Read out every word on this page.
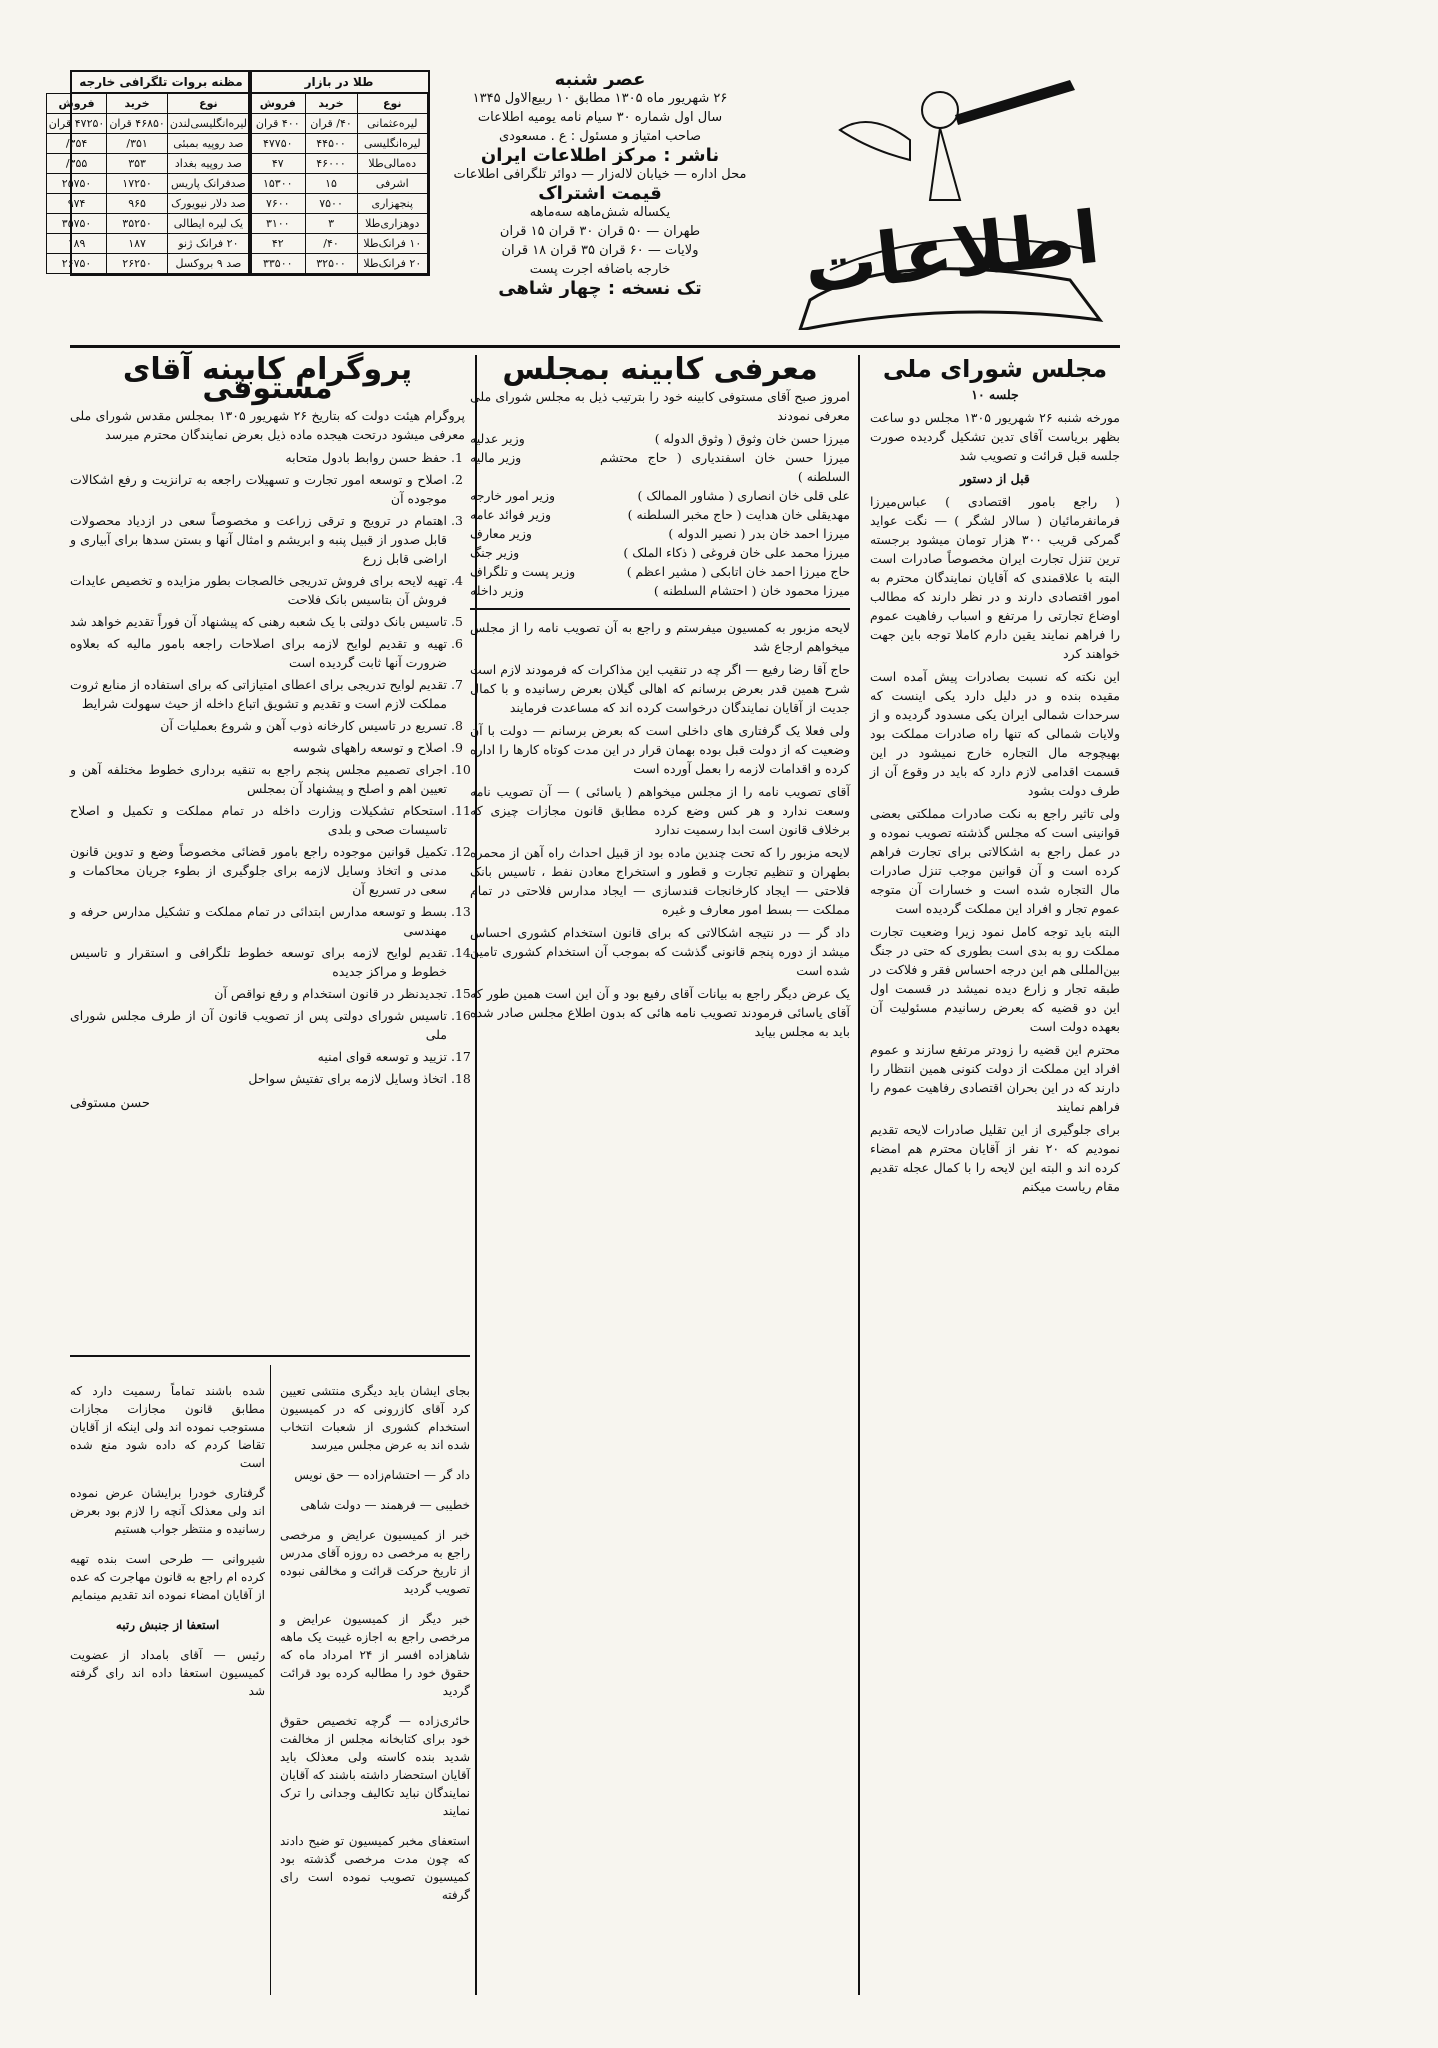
اطلاعات
عصر شنبه
۲۶ شهریور ماه ۱۳۰۵ مطابق ۱۰ ربیع‌الاول ۱۳۴۵
سال اول شماره ۳۰ سیام نامه یومیه اطلاعات
صاحب امتیاز و مسئول : ع . مسعودی
ناشر : مرکز اطلاعات ایران
محل اداره — خیابان لاله‌زار — دوائر تلگرافی اطلاعات
قیمت اشتراک
یکساله شش‌ماهه سه‌ماهه
طهران — ۵۰ قران ۳۰ قران ۱۵ قران
ولایات — ۶۰ قران ۳۵ قران ۱۸ قران
خارجه باضافه اجرت پست
تک نسخه : چهار شاهی
طلا در بازار
نوع	خرید	فروش
لیره‌عثمانی	۴۰/ قران	۴۰۰ قران
لیره‌انگلیسی	۴۴۵۰۰	۴۷۷۵۰
ده‌مالی‌طلا	۴۶۰۰۰	۴۷
اشرفی	۱۵	۱۵۳۰۰
پنجهزاری	۷۵۰۰	۷۶۰۰
دوهزاری‌طلا	۳	۳۱۰۰
۱۰ فرانک‌طلا	۴۰/	۴۲
۲۰ فرانک‌طلا	۳۲۵۰۰	۳۳۵۰۰
مظنه بروات تلگرافی خارجه
نوع	خرید	فروش
لیره‌انگلیسی‌لندن	۴۶۸۵۰ قران	۴۷۲۵۰ قران
صد روپیه بمبئی	۳۵۱/	۳۵۴/
صد روپیه بغداد	۳۵۳	۳۵۵/
صدفرانک‌ پاریس	۱۷۲۵۰	۲۵۷۵۰
صد دلار نیویورک	۹۶۵	۹۷۴
یک لیره ایطالی	۳۵۲۵۰	۳۵۷۵۰
۲۰ فرانک ژنو	۱۸۷	۱۸۹
صد ۹ بروکسل	۲۶۲۵۰	۲۶۷۵۰
مجلس شورای ملی

جلسه ۱۰

مورخه شنبه ۲۶ شهریور ۱۳۰۵ مجلس دو ساعت بظهر بریاست آقای تدین تشکیل گردیده صورت جلسه قبل قرائت و تصویب شد

قبل از دستور

( راجع بامور اقتصادی ) عباس‌میرزا فرمانفرمائیان ( سالار لشگر ) — نگت عواید گمرکی قریب ۳۰۰ هزار تومان میشود برجسته ترین تنزل تجارت ایران مخصوصاً صادرات است البته با علاقمندی که آقایان نمایندگان محترم به امور اقتصادی دارند و در نظر دارند که مطالب اوضاع تجارتی را مرتفع و اسباب رفاهیت عموم را فراهم نمایند یقین دارم کاملا توجه باین جهت خواهند کرد

این نکته که نسبت بصادرات پیش آمده است مقیده بنده و در دلیل دارد یکی اینست که سرحدات شمالی ایران یکی مسدود گردیده و از ولایات شمالی که تنها راه صادرات مملکت بود بهیچوجه مال التجاره خارج نمیشود در این قسمت اقدامی لازم دارد که باید در وقوع آن از طرف دولت بشود

ولی تاثیر راجع به نکت صادرات مملکتی بعضی قوانینی است که مجلس گذشته تصویب نموده و در عمل راجع به اشکالاتی برای تجارت فراهم کرده است و آن قوانین موجب تنزل صادرات مال التجاره شده است و خسارات آن متوجه عموم تجار و افراد این مملکت گردیده است

البته باید توجه کامل نمود زیرا وضعیت تجارت مملکت رو به بدی است بطوری که حتی در جنگ بین‌المللی هم این درجه احساس فقر و فلاکت در طبقه تجار و زارع دیده نمیشد در قسمت اول این دو قضیه که بعرض رسانیدم مسئولیت آن بعهده دولت است

محترم این قضیه را زودتر مرتفع سازند و عموم افراد این مملکت از دولت کنونی همین انتظار را دارند که در این بحران اقتصادی رفاهیت عموم را فراهم نمایند

برای جلوگیری از این تقلیل صادرات لایحه تقدیم نمودیم که ۲۰ نفر از آقایان محترم هم امضاء کرده اند و البته این لایحه را با کمال عجله تقدیم مقام ریاست میکنم

معرفی کابینه بمجلس

امروز صبح آقای مستوفی کابینه خود را بترتیب ذیل به مجلس شورای ملی معرفی نمودند

میرزا حسن خان وثوق ( وثوق الدوله )
وزیر عدلیه
میرزا حسن خان اسفندیاری ( حاج محتشم السلطنه )
وزیر مالیه
علی قلی خان انصاری ( مشاور الممالک )
وزیر امور خارجه
مهدیقلی خان هدایت ( حاج مخبر السلطنه )
وزیر فوائد عامه
میرزا احمد خان بدر ( نصیر الدوله )
وزیر معارف
میرزا محمد علی خان فروغی ( ذکاء الملک )
وزیر جنگ
حاج میرزا احمد خان اتابکی ( مشیر اعظم )
وزیر پست و تلگراف
میرزا محمود خان ( احتشام السلطنه )
وزیر داخله

لایحه مزبور به کمسیون میفرستم و راجع به آن تصویب نامه را از مجلس میخواهم ارجاع شد

حاج آقا رضا رفیع — اگر چه در تنقیب این مذاکرات که فرمودند لازم است شرح همین قدر بعرض برسانم که اهالی گیلان بعرض رسانیده و با کمال جدیت از آقایان نمایندگان درخواست کرده اند که مساعدت فرمایند

ولی فعلا یک گرفتاری های داخلی است که بعرض برسانم — دولت با آن وضعیت که از دولت قبل بوده بهمان قرار در این مدت کوتاه کارها را اداره کرده و اقدامات لازمه را بعمل آورده است

آقای تصویب نامه را از مجلس میخواهم ( یاسائی ) — آن تصویب نامه وسعت ندارد و هر کس وضع کرده مطابق قانون مجازات چیزی که برخلاف قانون است ابدا رسمیت ندارد

لایحه مزبور را که تحت چندین ماده بود از قبیل احداث راه آهن از محمره بطهران و تنظیم تجارت و قطور و استخراج معادن نفط ، تاسیس بانک فلاحتی — ایجاد کارخانجات قندسازی — ایجاد مدارس فلاحتی در تمام مملکت — بسط امور معارف و غیره

داد گر — در نتیجه اشکالاتی که برای قانون استخدام کشوری احساس میشد از دوره پنجم قانونی گذشت که بموجب آن استخدام کشوری تامین شده است

یک عرض دیگر راجع به بیانات آقای رفیع بود و آن این است همین طور که آقای یاسائی فرمودند تصویب نامه هائی که بدون اطلاع مجلس صادر شده باید به مجلس بیاید

پروگرام کابینه آقای مستوفی

پروگرام هیئت دولت که بتاریخ ۲۶ شهریور ۱۳۰۵ بمجلس مقدس شورای ملی معرفی میشود درتحت هیجده ماده ذیل بعرض نمایندگان محترم میرسد

1. حفظ حسن روابط بادول متحابه
2. اصلاح و توسعه امور تجارت و تسهیلات راجعه به ترانزیت و رفع اشکالات موجوده آن
3. اهتمام در ترویج و ترقی زراعت و مخصوصاً سعی در ازدیاد محصولات قابل صدور از قبیل پنبه و ابریشم و امثال آنها و بستن سدها برای آبیاری و اراضی قابل زرع
4. تهیه لایحه برای فروش تدریجی خالصجات بطور مزایده و تخصیص عایدات فروش آن بتاسیس بانک فلاحت
5. تاسیس بانک دولتی با یک شعبه رهنی که پیشنهاد آن فوراً تقدیم خواهد شد
6. تهیه و تقدیم لوایح لازمه برای اصلاحات راجعه بامور مالیه که بعلاوه ضرورت آنها ثابت گردیده است
7. تقدیم لوایح تدریجی برای اعطای امتیازاتی که برای استفاده از منابع ثروت مملکت لازم است و تقدیم و تشویق اتباع داخله از حیث سهولت شرایط
8. تسریع در تاسیس کارخانه ذوب آهن و شروع بعملیات آن
9. اصلاح و توسعه راههای شوسه
10. اجرای تصمیم مجلس پنجم راجع به تنقیه برداری خطوط مختلفه آهن و تعیین اهم و اصلح و پیشنهاد آن بمجلس
11. استحکام تشکیلات وزارت داخله در تمام مملکت و تکمیل و اصلاح تاسیسات صحی و بلدی
12. تکمیل قوانین موجوده راجع بامور قضائی مخصوصاً وضع و تدوین قانون مدنی و اتخاذ وسایل لازمه برای جلوگیری از بطوء جریان محاکمات و سعی در تسریع آن
13. بسط و توسعه مدارس ابتدائی در تمام مملکت و تشکیل مدارس حرفه و مهندسی
14. تقدیم لوایح لازمه برای توسعه خطوط تلگرافی و استقرار و تاسیس خطوط و مراکز جدیده
15. تجدیدنظر در قانون استخدام و رفع نواقص آن
16. تاسیس شورای دولتی پس از تصویب قانون آن از طرف مجلس شورای ملی
17. تزیید و توسعه قوای امنیه
18. اتخاذ وسایل لازمه برای تفتیش سواحل
حسن مستوفی

بجای ایشان باید دیگری منتشی تعیین کرد آقای کازرونی که در کمیسیون استخدام کشوری از شعبات انتخاب شده اند به عرض مجلس میرسد

داد گر — احتشام‌زاده — حق نویس

خطیبی — فرهمند — دولت شاهی

خبر از کمیسیون عرایض و مرخصی راجع به مرخصی ده روزه آقای مدرس از تاریخ حرکت قرائت و مخالفی نبوده تصویب گردید

خبر دیگر از کمیسیون عرایض و مرخصی راجع به اجازه غیبت یک ماهه شاهزاده افسر از ۲۴ امرداد ماه که حقوق خود را مطالبه کرده بود قرائت گردید

حائری‌زاده — گرچه تخصیص حقوق خود برای کتابخانه مجلس از مخالفت شدید بنده کاسته ولی معذلک باید آقایان استحضار داشته باشند که آقایان نمایندگان نباید تکالیف وجدانی را ترک نمایند

استعفای مخبر کمیسیون تو ضیح دادند که چون مدت مرخصی گذشته بود کمیسیون تصویب نموده است رای گرفته

شده باشند تماماً رسمیت دارد که مطابق قانون مجازات مجازات مستوجب نموده اند ولی اینکه از آقایان تقاضا کردم که داده شود منع شده است

گرفتاری خودرا برایشان عرض نموده اند ولی معذلک آنچه را لازم بود بعرض رسانیده و منتظر جواب هستیم

شیروانی — طرحی است بنده تهیه کرده ام راجع به قانون مهاجرت که عده از آقایان امضاء نموده اند تقدیم مینمایم

استعفا از جنبش رتبه

رئیس — آقای بامداد از عضویت کمیسیون استعفا داده اند رای گرفته شد
